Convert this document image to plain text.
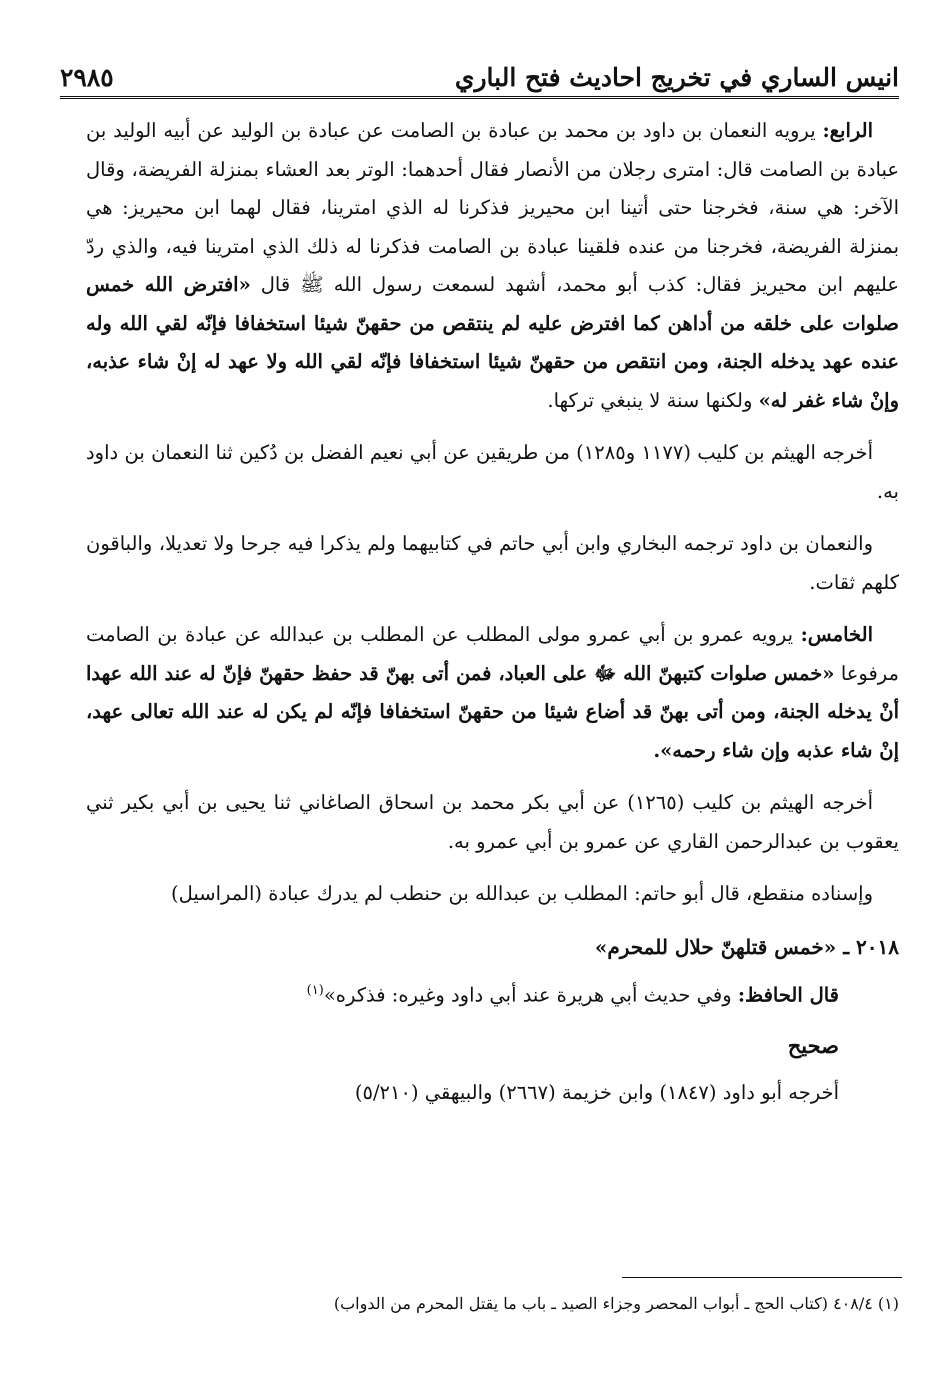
انيس الساري في تخريج احاديث فتح الباري
٢٩٨٥

الرابع: يرويه النعمان بن داود بن محمد بن عبادة بن الصامت عن عبادة بن الوليد عن أبيه الوليد بن عبادة بن الصامت قال: امترى رجلان من الأنصار فقال أحدهما: الوتر بعد العشاء بمنزلة الفريضة، وقال الآخر: هي سنة، فخرجنا حتى أتينا ابن محيريز فذكرنا له الذي امترينا، فقال لهما ابن محيريز: هي بمنزلة الفريضة، فخرجنا من عنده فلقينا عبادة بن الصامت فذكرنا له ذلك الذي امترينا فيه، والذي ردّ عليهم ابن محيريز فقال: كذب أبو محمد، أشهد لسمعت رسول الله ﷺ قال «افترض الله خمس صلوات على خلقه من أداهن كما افترض عليه لم ينتقص من حقهنّ شيئا استخفافا فإنّه لقي الله وله عنده عهد يدخله الجنة، ومن انتقص من حقهنّ شيئا استخفافا فإنّه لقي الله ولا عهد له إنْ شاء عذبه، وإنْ شاء غفر له» ولكنها سنة لا ينبغي تركها.

أخرجه الهيثم بن كليب (١١٧٧ و١٢٨٥) من طريقين عن أبي نعيم الفضل بن دُكين ثنا النعمان بن داود به.

والنعمان بن داود ترجمه البخاري وابن أبي حاتم في كتابيهما ولم يذكرا فيه جرحا ولا تعديلا، والباقون كلهم ثقات.

الخامس: يرويه عمرو بن أبي عمرو مولى المطلب عن المطلب بن عبدالله عن عبادة بن الصامت مرفوعا «خمس صلوات كتبهنّ الله ﷻ على العباد، فمن أتى بهنّ قد حفظ حقهنّ فإنّ له عند الله عهدا أنْ يدخله الجنة، ومن أتى بهنّ قد أضاع شيئا من حقهنّ استخفافا فإنّه لم يكن له عند الله تعالى عهد، إنْ شاء عذبه وإن شاء رحمه».

أخرجه الهيثم بن كليب (١٢٦٥) عن أبي بكر محمد بن اسحاق الصاغاني ثنا يحيى بن أبي بكير ثني يعقوب بن عبدالرحمن القاري عن عمرو بن أبي عمرو به.

وإسناده منقطع، قال أبو حاتم: المطلب بن عبدالله بن حنطب لم يدرك عبادة (المراسيل)

٢٠١٨ ـ «خمس قتلهنّ حلال للمحرم»

قال الحافظ: وفي حديث أبي هريرة عند أبي داود وغيره: فذكره»$^{(١)}$

صحيح

أخرجه أبو داود (١٨٤٧) وابن خزيمة (٢٦٦٧) والبيهقي (٥/٢١٠)

(١) ٤٠٨/٤ (كتاب الحج ـ أبواب المحصر وجزاء الصيد ـ باب ما يقتل المحرم من الدواب)
